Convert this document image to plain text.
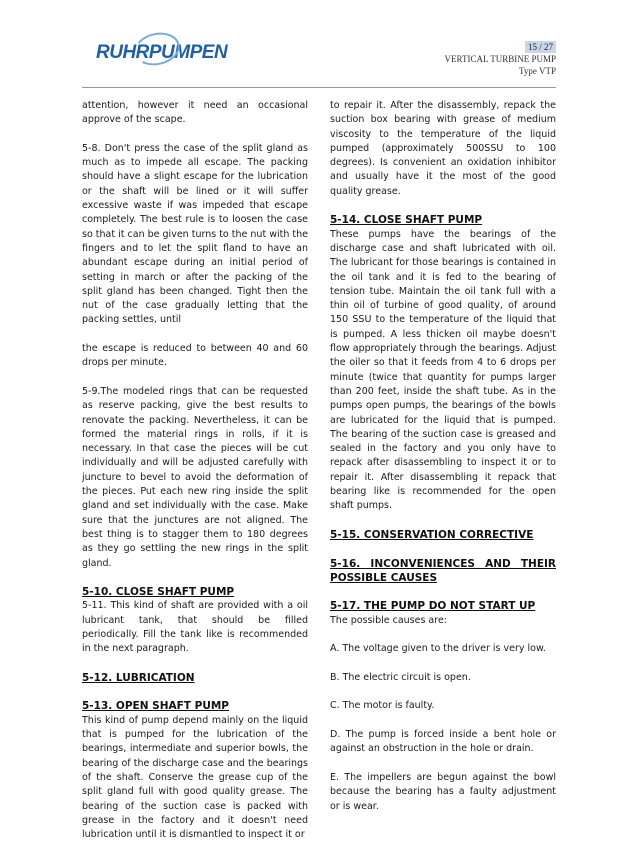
RUHRPUMPEN	15 / 27
VERTICAL TURBINE PUMP
Type VTP

attention, however it need an occasional approve of the scape.

5-8. Don't press the case of the split gland as much as to impede all escape. The packing should have a slight escape for the lubrication or the shaft will be lined or it will suffer excessive waste if was impeded that escape completely. The best rule is to loosen the case so that it can be given turns to the nut with the fingers and to let the split fland to have an abundant escape during an initial period of setting in march or after the packing of the split gland has been changed. Tight then the nut of the case gradually letting that the packing settles, until

the escape is reduced to between 40 and 60 drops per minute.

5-9.The modeled rings that can be requested as reserve packing, give the best results to renovate the packing. Nevertheless, it can be formed the material rings in rolls, if it is necessary. In that case the pieces will be cut individually and will be adjusted carefully with juncture to bevel to avoid the deformation of the pieces. Put each new ring inside the split gland and set individually with the case. Make sure that the junctures are not aligned. The best thing is to stagger them to 180 degrees as they go settling the new rings in the split gland.

5-10. CLOSE SHAFT PUMP

5-11. This kind of shaft are provided with a oil lubricant tank, that should be filled periodically. Fill the tank like is recommended in the next paragraph.

5-12. LUBRICATION
5-13. OPEN SHAFT PUMP

This kind of pump depend mainly on the liquid that is pumped for the lubrication of the bearings, intermediate and superior bowls, the bearing of the discharge case and the bearings of the shaft. Conserve the grease cup of the split gland full with good quality grease. The bearing of the suction case is packed with grease in the factory and it doesn't need lubrication until it is dismantled to inspect it or

to repair it. After the disassembly, repack the suction box bearing with grease of medium viscosity to the temperature of the liquid pumped (approximately 500SSU to 100 degrees). Is convenient an oxidation inhibitor and usually have it the most of the good quality grease.

5-14. CLOSE SHAFT PUMP

These pumps have the bearings of the discharge case and shaft lubricated with oil. The lubricant for those bearings is contained in the oil tank and it is fed to the bearing of tension tube. Maintain the oil tank full with a thin oil of turbine of good quality, of around 150 SSU to the temperature of the liquid that is pumped. A less thicken oil maybe doesn't flow appropriately through the bearings. Adjust the oiler so that it feeds from 4 to 6 drops per minute (twice that quantity for pumps larger than 200 feet, inside the shaft tube. As in the pumps open pumps, the bearings of the bowls are lubricated for the liquid that is pumped. The bearing of the suction case is greased and sealed in the factory and you only have to repack after disassembling to inspect it or to repair it. After disassembling it repack that bearing like is recommended for the open shaft pumps.

5-15. CONSERVATION CORRECTIVE
5-16. INCONVENIENCES AND THEIR POSSIBLE CAUSES
5-17. THE PUMP DO NOT START UP

The possible causes are:

A. The voltage given to the driver is very low.

B. The electric circuit is open.

C. The motor is faulty.

D. The pump is forced inside a bent hole or against an obstruction in the hole or drain.

E. The impellers are begun against the bowl because the bearing has a faulty adjustment or is wear.
